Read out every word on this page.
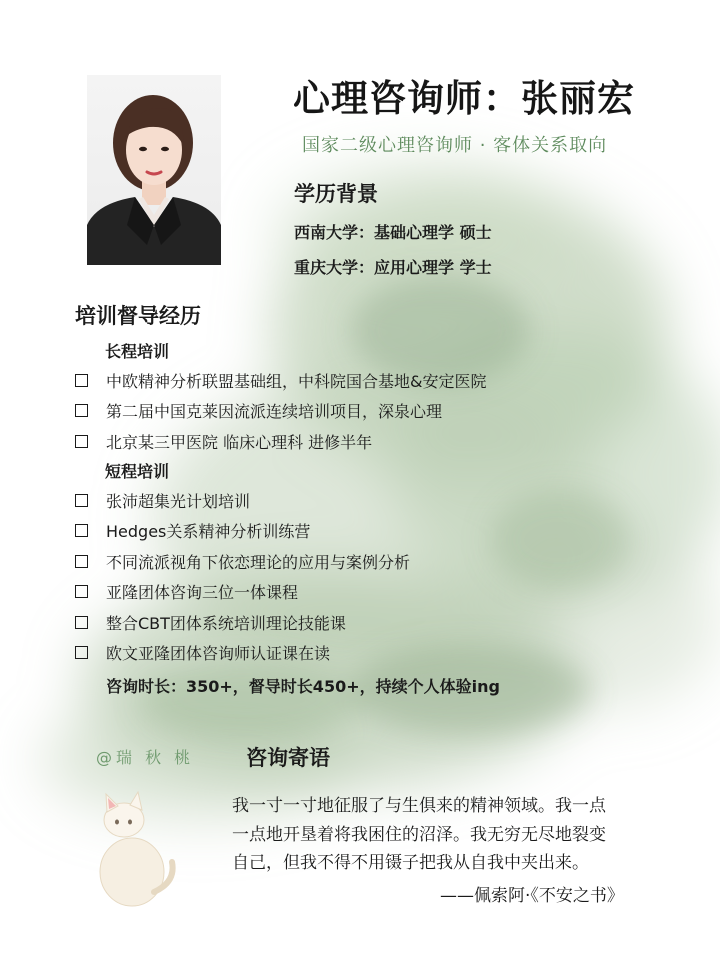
心理咨询师：张丽宏
国家二级心理咨询师 · 客体关系取向
学历背景
西南大学：基础心理学 硕士
重庆大学：应用心理学 学士
培训督导经历
长程培训
中欧精神分析联盟基础组，中科院国合基地&安定医院
第二届中国克莱因流派连续培训项目，深泉心理
北京某三甲医院 临床心理科 进修半年
短程培训
张沛超集光计划培训
Hedges关系精神分析训练营
不同流派视角下依恋理论的应用与案例分析
亚隆团体咨询三位一体课程
整合CBT团体系统培训理论技能课
欧文亚隆团体咨询师认证课在读
咨询时长：350+，督导时长450+，持续个人体验ing
@瑞 秋 桃 咨询寄语

我一寸一寸地征服了与生俱来的精神领域。我一点

一点地开垦着将我困住的沼泽。我无穷无尽地裂变

自己，但我不得不用镊子把我从自我中夹出来。

——佩索阿·《不安之书》
